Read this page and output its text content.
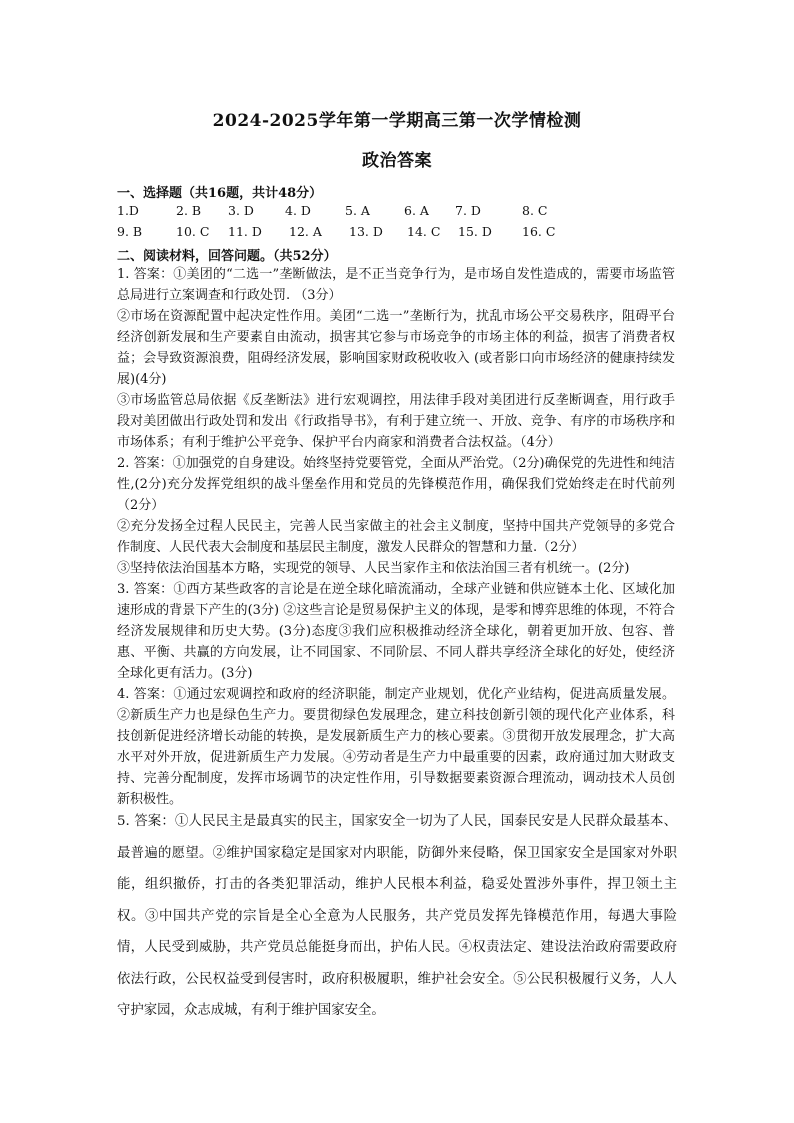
2024-2025学年第一学期高三第一次学情检测
政治答案
一、选择题（共16题，共计48分）
1.D	2. B 3. D 4. D	5. A	6. A 7. D	8. C
9. B	10. C 11. D 12. A 13. D 14. C 15. D 16. C
二、阅读材料，回答问题。（共52分）

1. 答案：①美团的“二选一”垄断做法，是不正当竞争行为，是市场自发性造成的，需要市场监管总局进行立案调查和行政处罚. （3分）

②市场在资源配置中起决定性作用。美团“二选一”垄断行为，扰乱市场公平交易秩序，阻碍平台经济创新发展和生产要素自由流动，损害其它参与市场竞争的市场主体的利益，损害了消费者权益；会导致资源浪费，阻碍经济发展，影响国家财政税收收入 (或者影口向市场经济的健康持续发展)(4分)

③市场监管总局依据《反垄断法》进行宏观调控，用法律手段对美团进行反垄断调查，用行政手段对美团做出行政处罚和发出《行政指导书》，有利于建立统一、开放、竞争、有序的市场秩序和市场体系；有利于维护公平竞争、保护平台内商家和消费者合法权益。（4分）

2. 答案：①加强党的自身建设。始终坚持党要管党，全面从严治党。（2分)确保党的先进性和纯洁性,(2分)充分发挥党组织的战斗堡垒作用和党员的先锋模范作用，确保我们党始终走在时代前列（2分）

②充分发扬全过程人民民主，完善人民当家做主的社会主义制度，坚持中国共产党领导的多党合作制度、人民代表大会制度和基层民主制度，激发人民群众的智慧和力量.（2分）

③坚持依法治国基本方略，实现党的领导、人民当家作主和依法治国三者有机统一。(2分)

3. 答案：①西方某些政客的言论是在逆全球化暗流涌动，全球产业链和供应链本土化、区域化加速形成的背景下产生的(3分) ②这些言论是贸易保护主义的体现，是零和博弈思维的体现，不符合经济发展规律和历史大势。(3分)态度③我们应积极推动经济全球化，朝着更加开放、包容、普惠、平衡、共赢的方向发展，让不同国家、不同阶层、不同人群共享经济全球化的好处，使经济全球化更有活力。(3分)

4. 答案：①通过宏观调控和政府的经济职能，制定产业规划，优化产业结构，促进高质量发展。②新质生产力也是绿色生产力。要贯彻绿色发展理念，建立科技创新引领的现代化产业体系，科技创新促进经济增长动能的转换，是发展新质生产力的核心要素。③贯彻开放发展理念，扩大高水平对外开放，促进新质生产力发展。④劳动者是生产力中最重要的因素，政府通过加大财政支持、完善分配制度，发挥市场调节的决定性作用，引导数据要素资源合理流动，调动技术人员创新积极性。

5. 答案：①人民民主是最真实的民主，国家安全一切为了人民，国泰民安是人民群众最基本、最普遍的愿望。②维护国家稳定是国家对内职能，防御外来侵略，保卫国家安全是国家对外职能，组织撤侨，打击的各类犯罪活动，维护人民根本利益，稳妥处置涉外事件，捍卫领土主权。③中国共产党的宗旨是全心全意为人民服务，共产党员发挥先锋模范作用，每遇大事险情，人民受到威胁，共产党员总能挺身而出，护佑人民。④权责法定、建设法治政府需要政府依法行政，公民权益受到侵害时，政府积极履职，维护社会安全。⑤公民积极履行义务，人人守护家园，众志成城，有利于维护国家安全。
